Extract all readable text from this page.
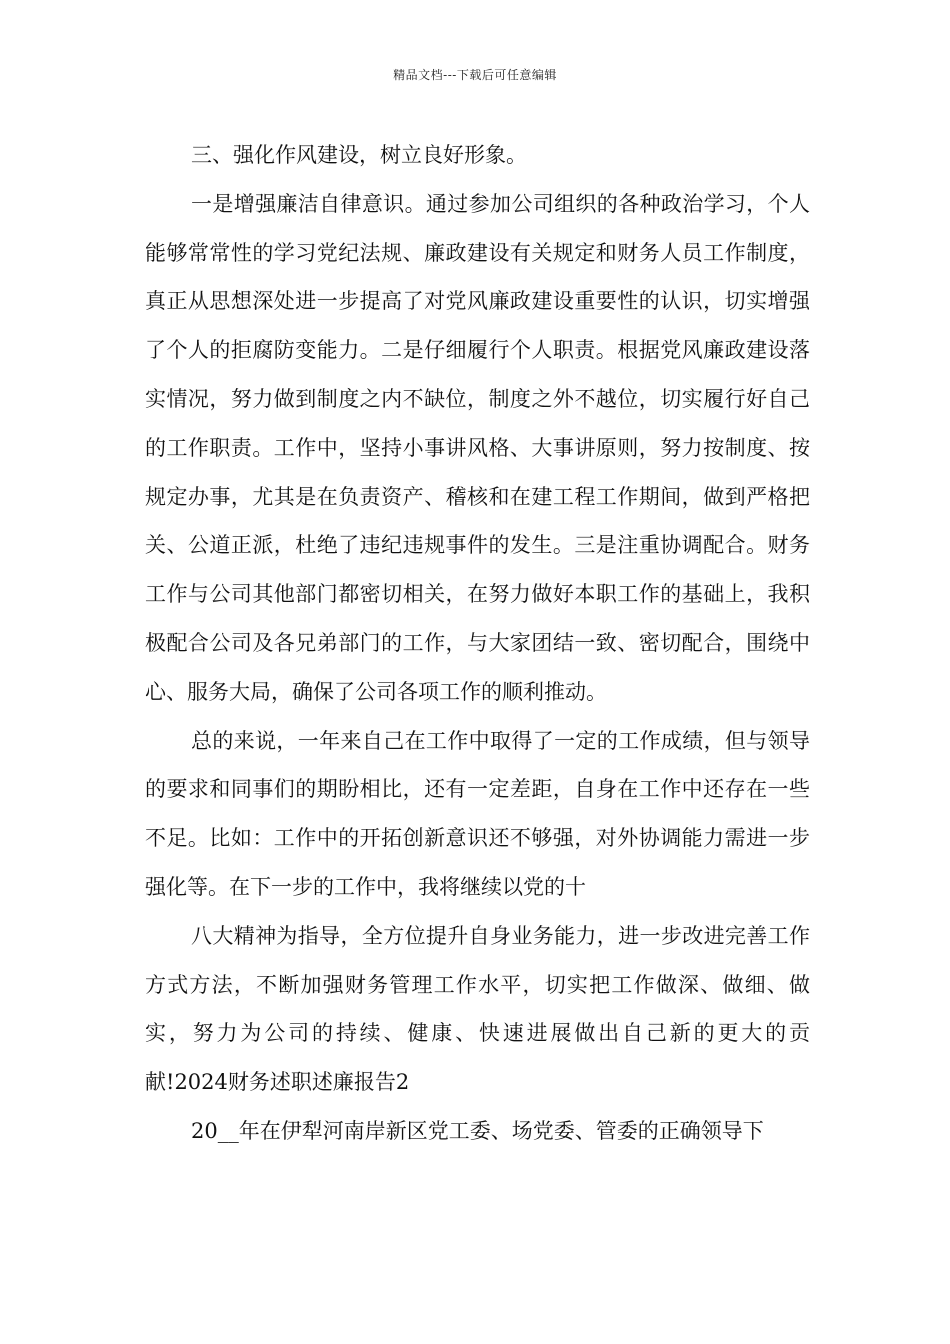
精品文档---下载后可任意编辑

三、强化作风建设，树立良好形象。

一是增强廉洁自律意识。通过参加公司组织的各种政治学习，个人能够常常性的学习党纪法规、廉政建设有关规定和财务人员工作制度，真正从思想深处进一步提高了对党风廉政建设重要性的认识，切实增强了个人的拒腐防变能力。二是仔细履行个人职责。根据党风廉政建设落实情况，努力做到制度之内不缺位，制度之外不越位，切实履行好自己的工作职责。工作中，坚持小事讲风格、大事讲原则，努力按制度、按规定办事，尤其是在负责资产、稽核和在建工程工作期间，做到严格把关、公道正派，杜绝了违纪违规事件的发生。三是注重协调配合。财务工作与公司其他部门都密切相关，在努力做好本职工作的基础上，我积极配合公司及各兄弟部门的工作，与大家团结一致、密切配合，围绕中心、服务大局，确保了公司各项工作的顺利推动。

总的来说，一年来自己在工作中取得了一定的工作成绩，但与领导的要求和同事们的期盼相比，还有一定差距，自身在工作中还存在一些不足。比如：工作中的开拓创新意识还不够强，对外协调能力需进一步强化等。在下一步的工作中，我将继续以党的十

八大精神为指导，全方位提升自身业务能力，进一步改进完善工作方式方法，不断加强财务管理工作水平，切实把工作做深、做细、做实，努力为公司的持续、健康、快速进展做出自己新的更大的贡献!2024财务述职述廉报告2

20__年在伊犁河南岸新区党工委、场党委、管委的正确领导下
